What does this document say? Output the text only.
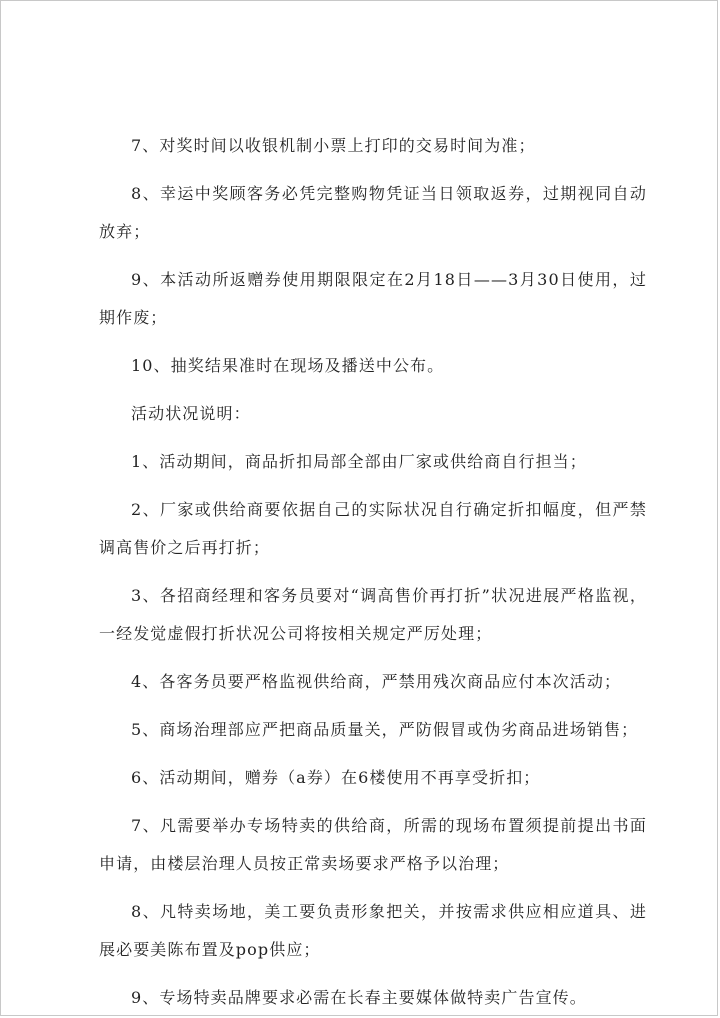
7、对奖时间以收银机制小票上打印的交易时间为准；

8、幸运中奖顾客务必凭完整购物凭证当日领取返券，过期视同自动放弃；

9、本活动所返赠券使用期限限定在2月18日——3月30日使用，过期作废；

10、抽奖结果准时在现场及播送中公布。

活动状况说明：

1、活动期间，商品折扣局部全部由厂家或供给商自行担当；

2、厂家或供给商要依据自己的实际状况自行确定折扣幅度，但严禁调高售价之后再打折；

3、各招商经理和客务员要对“调高售价再打折”状况进展严格监视，一经发觉虚假打折状况公司将按相关规定严厉处理；

4、各客务员要严格监视供给商，严禁用残次商品应付本次活动；

5、商场治理部应严把商品质量关，严防假冒或伪劣商品进场销售；

6、活动期间，赠券（a券）在6楼使用不再享受折扣；

7、凡需要举办专场特卖的供给商，所需的现场布置须提前提出书面申请，由楼层治理人员按正常卖场要求严格予以治理；

8、凡特卖场地，美工要负责形象把关，并按需求供应相应道具、进展必要美陈布置及pop供应；

9、专场特卖品牌要求必需在长春主要媒体做特卖广告宣传。
